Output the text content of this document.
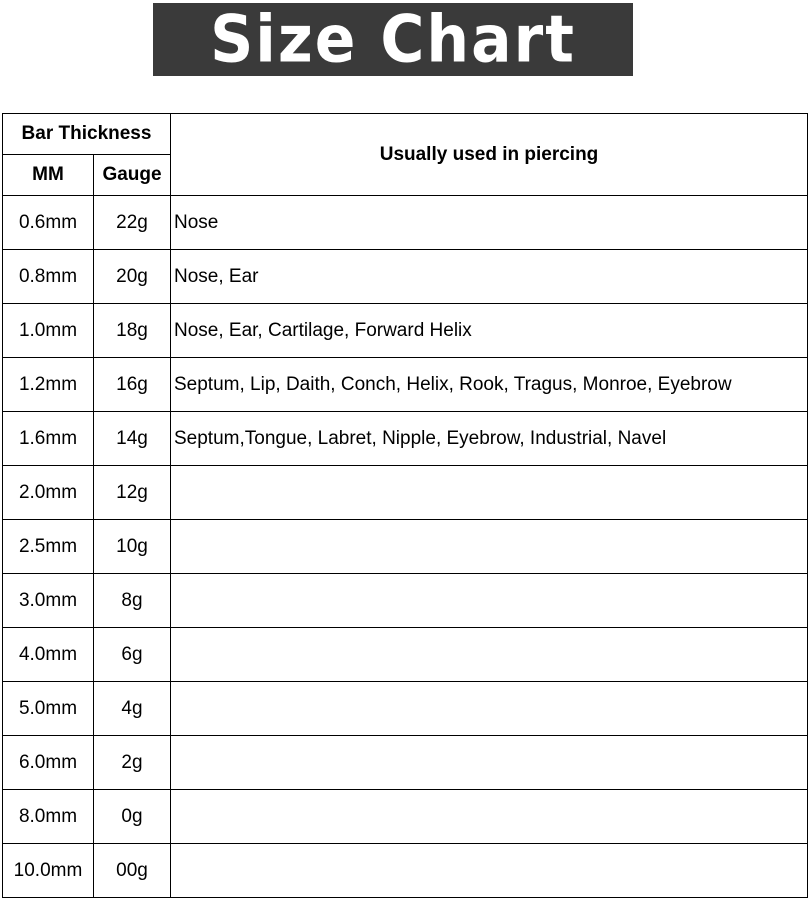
Size Chart
Bar Thickness		Usually used in piercing
MM	Gauge	
0.6mm	22g	Nose
0.8mm	20g	Nose, Ear
1.0mm	18g	Nose, Ear, Cartilage, Forward Helix
1.2mm	16g	Septum, Lip, Daith, Conch, Helix, Rook, Tragus, Monroe, Eyebrow
1.6mm	14g	Septum,Tongue, Labret, Nipple, Eyebrow, Industrial, Navel
2.0mm	12g	
2.5mm	10g	
3.0mm	8g	
4.0mm	6g	
5.0mm	4g	
6.0mm	2g	
8.0mm	0g	
10.0mm	00g	
